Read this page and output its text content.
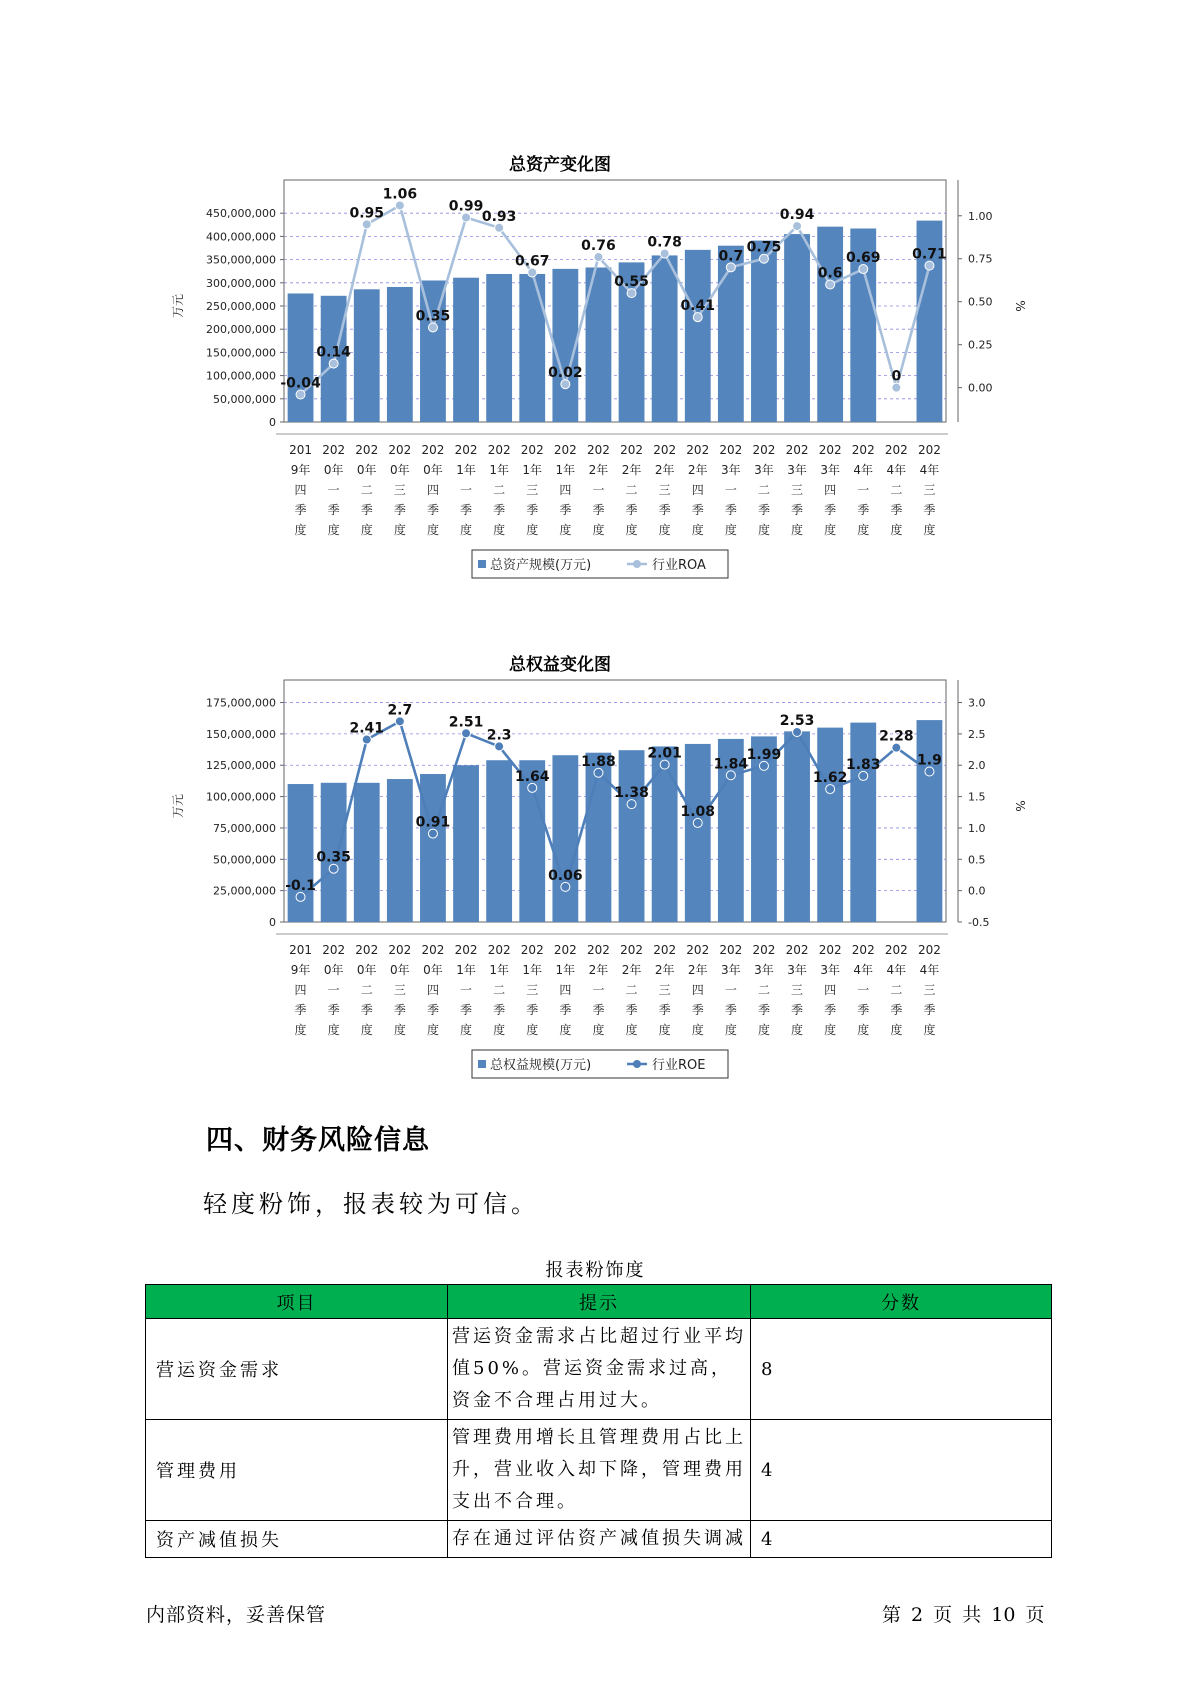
总资产变化图
0
50,000,000
100,000,000
150,000,000
200,000,000
250,000,000
300,000,000
350,000,000
400,000,000
450,000,000
万元
0.00
0.25
0.50
0.75
1.00
%
-0.04
0.14
0.95
1.06
0.35
0.99
0.93
0.67
0.02
0.76
0.55
0.78
0.41
0.7
0.75
0.94
0.6
0.69
0
0.71
201
9年
四
季
度
202
0年
一
季
度
202
0年
二
季
度
202
0年
三
季
度
202
0年
四
季
度
202
1年
一
季
度
202
1年
二
季
度
202
1年
三
季
度
202
1年
四
季
度
202
2年
一
季
度
202
2年
二
季
度
202
2年
三
季
度
202
2年
四
季
度
202
3年
一
季
度
202
3年
二
季
度
202
3年
三
季
度
202
3年
四
季
度
202
4年
一
季
度
202
4年
二
季
度
202
4年
三
季
度
总资产规模(万元)	行业ROA
总权益变化图
0
25,000,000
50,000,000
75,000,000
100,000,000
125,000,000
150,000,000
175,000,000
万元
-0.5
0.0
0.5
1.0
1.5
2.0
2.5
3.0
%
-0.1
0.35
2.41
2.7
0.91
2.51
2.3
1.64
0.06
1.88
1.38
2.01
1.08
1.84
1.99
2.53
1.62
1.83
2.28
1.9
201
9年
四
季
度
202
0年
一
季
度
202
0年
二
季
度
202
0年
三
季
度
202
0年
四
季
度
202
1年
一
季
度
202
1年
二
季
度
202
1年
三
季
度
202
1年
四
季
度
202
2年
一
季
度
202
2年
二
季
度
202
2年
三
季
度
202
2年
四
季
度
202
3年
一
季
度
202
3年
二
季
度
202
3年
三
季
度
202
3年
四
季
度
202
4年
一
季
度
202
4年
二
季
度
202
4年
三
季
度
总权益规模(万元)	行业ROE
四、财务风险信息
轻度粉饰，报表较为可信。
报表粉饰度
项目	提示	分数
营运资金需求	营运资金需求占比超过行业平均值50%。营运资金需求过高，资金不合理占用过大。	8
管理费用	管理费用增长且管理费用占比上升，营业收入却下降，管理费用支出不合理。	4
资产减值损失	存在通过评估资产减值损失调减	4
内部资料，妥善保管	第 2 页 共 10 页
